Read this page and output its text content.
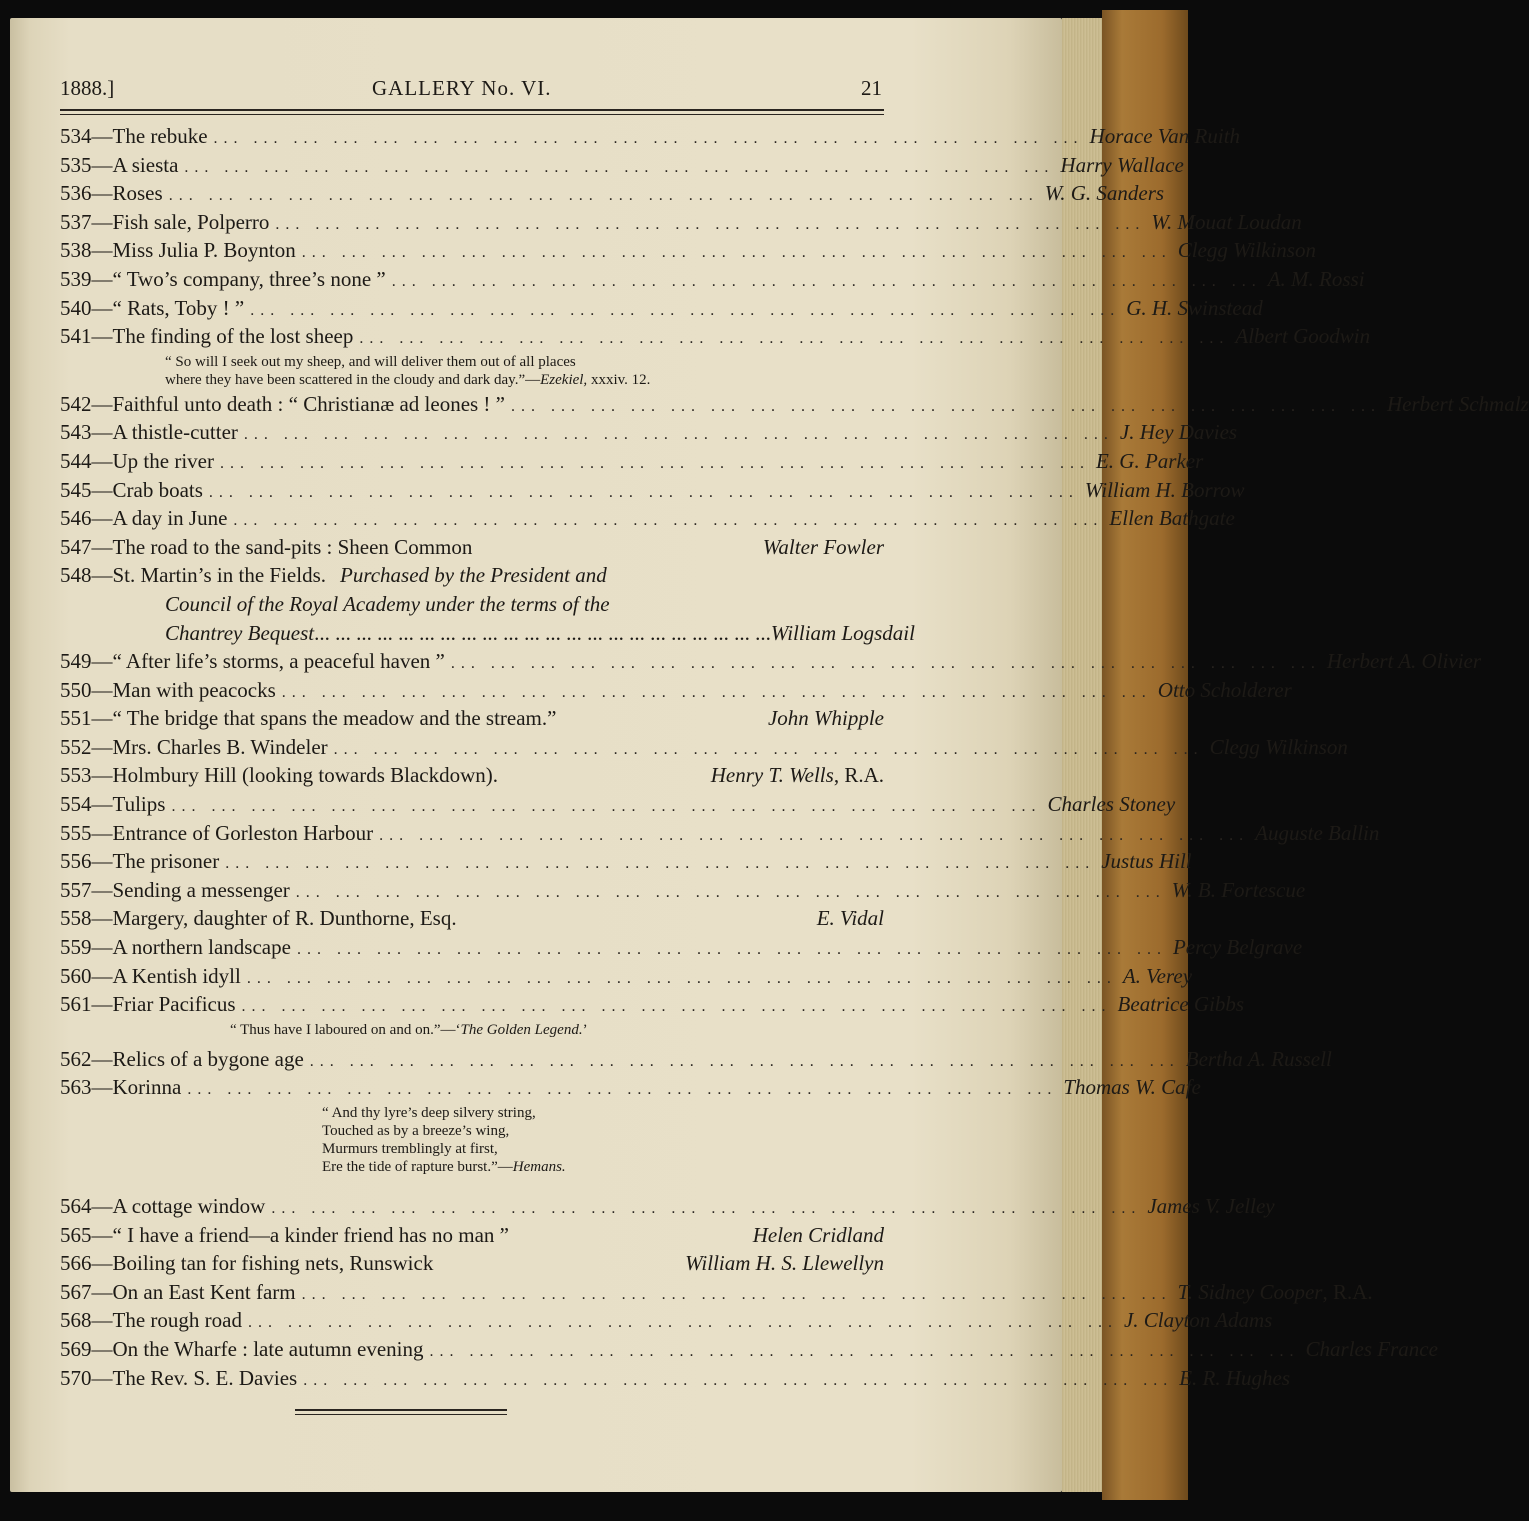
1888.]	GALLERY No. VI.	21
534— The rebuke ... ... ... ... ... ... ... ... ... ... ... ... ... ... ... ... ... ... ... ... ... ... Horace Van Ruith
535— A siesta ... ... ... ... ... ... ... ... ... ... ... ... ... ... ... ... ... ... ... ... ... ... Harry Wallace
536— Roses ... ... ... ... ... ... ... ... ... ... ... ... ... ... ... ... ... ... ... ... ... ... W. G. Sanders
537— Fish sale, Polperro ... ... ... ... ... ... ... ... ... ... ... ... ... ... ... ... ... ... ... ... ... ... W. Mouat Loudan
538— Miss Julia P. Boynton ... ... ... ... ... ... ... ... ... ... ... ... ... ... ... ... ... ... ... ... ... ... Clegg Wilkinson
539— “ Two’s company, three’s none ” ... ... ... ... ... ... ... ... ... ... ... ... ... ... ... ... ... ... ... ... ... ... A. M. Rossi
540— “ Rats, Toby ! ” ... ... ... ... ... ... ... ... ... ... ... ... ... ... ... ... ... ... ... ... ... ... G. H. Swinstead
541— The finding of the lost sheep ... ... ... ... ... ... ... ... ... ... ... ... ... ... ... ... ... ... ... ... ... ... Albert Goodwin
“ So will I seek out my sheep, and will deliver them out of all places
where they have been scattered in the cloudy and dark day.”—Ezekiel, xxxiv. 12.
542— Faithful unto death : “ Christianæ ad leones ! ” ... ... ... ... ... ... ... ... ... ... ... ... ... ... ... ... ... ... ... ... ... ... Herbert Schmalz
543— A thistle-cutter ... ... ... ... ... ... ... ... ... ... ... ... ... ... ... ... ... ... ... ... ... ... J. Hey Davies
544— Up the river ... ... ... ... ... ... ... ... ... ... ... ... ... ... ... ... ... ... ... ... ... ... E. G. Parker
545— Crab boats ... ... ... ... ... ... ... ... ... ... ... ... ... ... ... ... ... ... ... ... ... ... William H. Borrow
546— A day in June ... ... ... ... ... ... ... ... ... ... ... ... ... ... ... ... ... ... ... ... ... ... Ellen Bathgate
547— The road to the sand-pits : Sheen Common	Walter Fowler
548— St. Martin’s in the Fields. Purchased by the President and
Council of the Royal Academy under the terms of the
Chantrey Bequest ... ... ... ... ... ... ... ... ... ... ... ... ... ... ... ... ... ... ... ... ... ... William Logsdail
549— “ After life’s storms, a peaceful haven ” ... ... ... ... ... ... ... ... ... ... ... ... ... ... ... ... ... ... ... ... ... ... Herbert A. Olivier
550— Man with peacocks ... ... ... ... ... ... ... ... ... ... ... ... ... ... ... ... ... ... ... ... ... ... Otto Scholderer
551— “ The bridge that spans the meadow and the stream.”	John Whipple
552— Mrs. Charles B. Windeler ... ... ... ... ... ... ... ... ... ... ... ... ... ... ... ... ... ... ... ... ... ... Clegg Wilkinson
553— Holmbury Hill (looking towards Blackdown).	Henry T. Wells , R.A.
554— Tulips ... ... ... ... ... ... ... ... ... ... ... ... ... ... ... ... ... ... ... ... ... ... Charles Stoney
555— Entrance of Gorleston Harbour ... ... ... ... ... ... ... ... ... ... ... ... ... ... ... ... ... ... ... ... ... ... Auguste Ballin
556— The prisoner ... ... ... ... ... ... ... ... ... ... ... ... ... ... ... ... ... ... ... ... ... ... Justus Hill
557— Sending a messenger ... ... ... ... ... ... ... ... ... ... ... ... ... ... ... ... ... ... ... ... ... ... W. B. Fortescue
558— Margery, daughter of R. Dunthorne, Esq.	E. Vidal
559— A northern landscape ... ... ... ... ... ... ... ... ... ... ... ... ... ... ... ... ... ... ... ... ... ... Percy Belgrave
560— A Kentish idyll ... ... ... ... ... ... ... ... ... ... ... ... ... ... ... ... ... ... ... ... ... ... A. Verey
561— Friar Pacificus ... ... ... ... ... ... ... ... ... ... ... ... ... ... ... ... ... ... ... ... ... ... Beatrice Gibbs
“ Thus have I laboured on and on.”—‘The Golden Legend.’
562— Relics of a bygone age ... ... ... ... ... ... ... ... ... ... ... ... ... ... ... ... ... ... ... ... ... ... Bertha A. Russell
563— Korinna ... ... ... ... ... ... ... ... ... ... ... ... ... ... ... ... ... ... ... ... ... ... Thomas W. Cafe
“ And thy lyre’s deep silvery string,
Touched as by a breeze’s wing,
Murmurs tremblingly at first,
Ere the tide of rapture burst.”—Hemans.
564— A cottage window ... ... ... ... ... ... ... ... ... ... ... ... ... ... ... ... ... ... ... ... ... ... James V. Jelley
565— “ I have a friend—a kinder friend has no man ”	Helen Cridland
566— Boiling tan for fishing nets, Runswick	William H. S. Llewellyn
567— On an East Kent farm ... ... ... ... ... ... ... ... ... ... ... ... ... ... ... ... ... ... ... ... ... ... T. Sidney Cooper , R.A.
568— The rough road ... ... ... ... ... ... ... ... ... ... ... ... ... ... ... ... ... ... ... ... ... ... J. Clayton Adams
569— On the Wharfe : late autumn evening ... ... ... ... ... ... ... ... ... ... ... ... ... ... ... ... ... ... ... ... ... ... Charles France
570— The Rev. S. E. Davies ... ... ... ... ... ... ... ... ... ... ... ... ... ... ... ... ... ... ... ... ... ... E. R. Hughes
